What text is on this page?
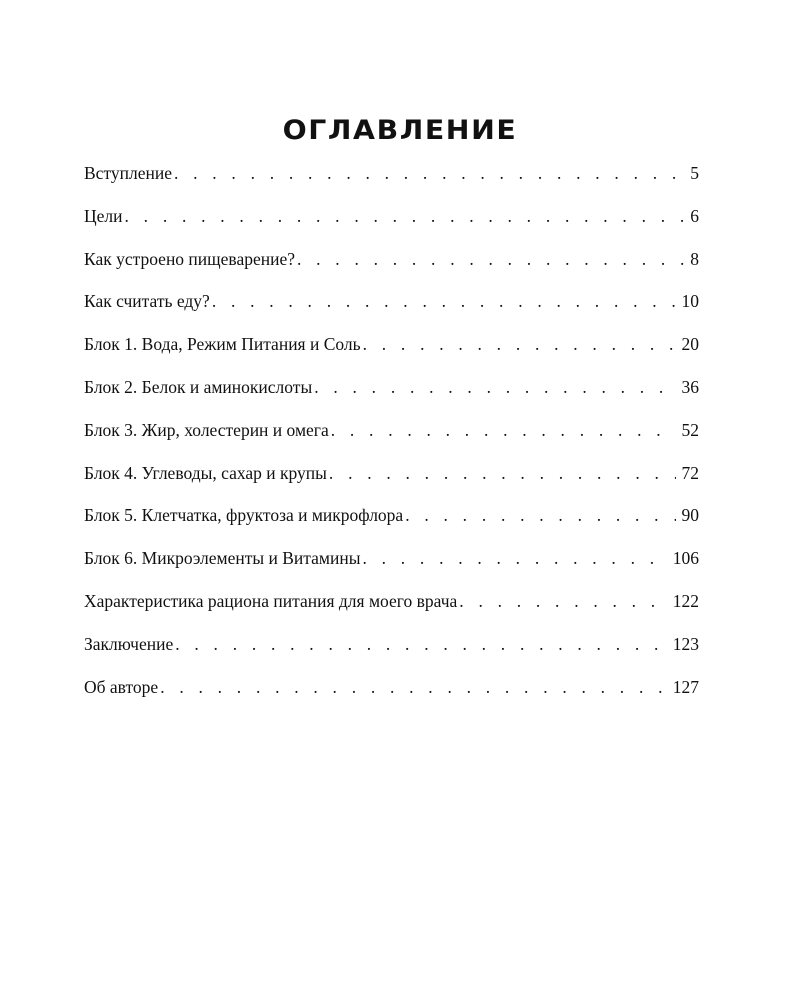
ОГЛАВЛЕНИЕ
Вступление . . .	5
Цели . . .	6
Как устроено пищеварение? . . .	8
Как считать еду? . . .	10
Блок 1. Вода, Режим Питания и Соль . . .	20
Блок 2. Белок и аминокислоты . . .	36
Блок 3. Жир, холестерин и омега . . .	52
Блок 4. Углеводы, сахар и крупы . . .	72
Блок 5. Клетчатка, фруктоза и микрофлора . . .	90
Блок 6. Микроэлементы и Витамины . . .	106
Характеристика рациона питания для моего врача . . .	122
Заключение . . .	123
Об авторе . . .	127
